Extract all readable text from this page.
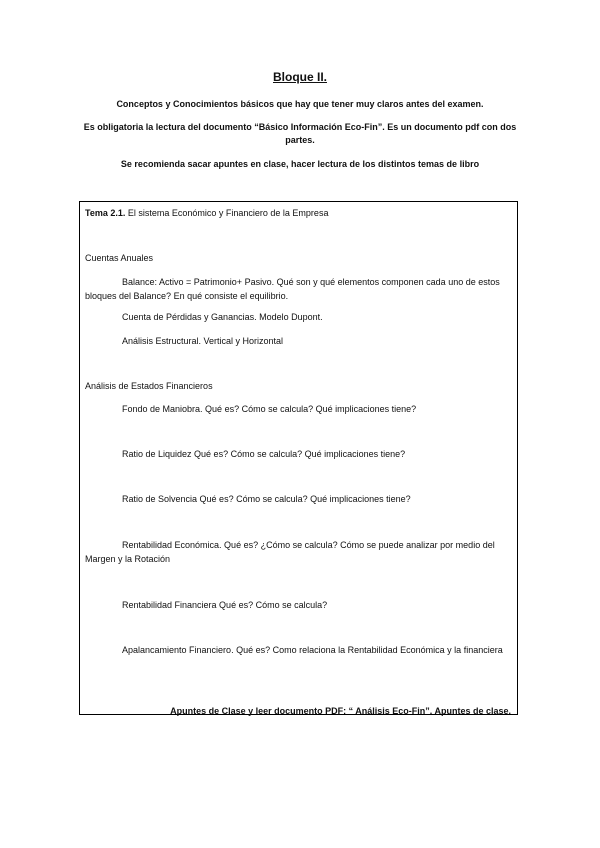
Bloque II.
Conceptos y Conocimientos básicos que hay que tener muy claros antes del examen.
Es obligatoria la lectura del documento “Básico Información Eco-Fin”. Es un documento pdf con dos partes.
Se recomienda sacar apuntes en clase, hacer lectura de los distintos temas de libro
Tema 2.1. El sistema Económico y Financiero de la Empresa
Cuentas Anuales
Balance: Activo = Patrimonio+ Pasivo. Qué son y qué elementos componen cada uno de estos bloques del Balance? En qué consiste el equilibrio.
Cuenta de Pérdidas y Ganancias. Modelo Dupont.
Análisis Estructural. Vertical y Horizontal
Análisis de Estados Financieros
Fondo de Maniobra. Qué es? Cómo se calcula? Qué implicaciones tiene?
Ratio de Liquidez Qué es? Cómo se calcula? Qué implicaciones tiene?
Ratio de Solvencia Qué es? Cómo se calcula? Qué implicaciones tiene?
Rentabilidad Económica. Qué es? ¿Cómo se calcula? Cómo se puede analizar por medio del Margen y la Rotación
Rentabilidad Financiera Qué es? Cómo se calcula?
Apalancamiento Financiero. Qué es? Como relaciona la Rentabilidad Económica y la financiera
Apuntes de Clase y leer documento PDF: “ Análisis Eco-Fin”. Apuntes de clase.
